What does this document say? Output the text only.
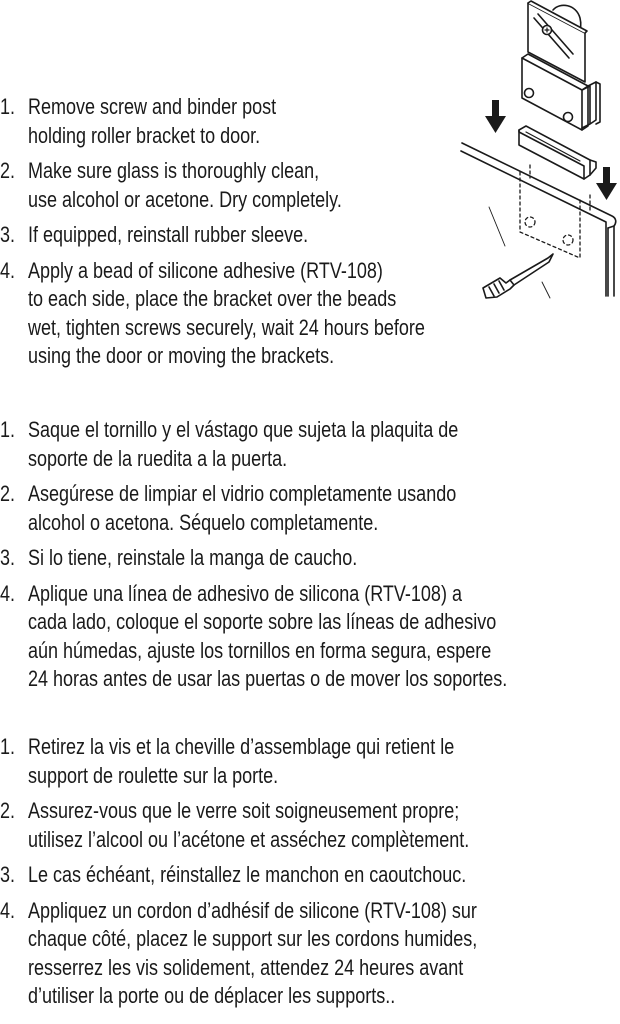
1. Remove screw and binder post
holding roller bracket to door.
2. Make sure glass is thoroughly clean,
use alcohol or acetone. Dry completely.
3. If equipped, reinstall rubber sleeve.
4. Apply a bead of silicone adhesive (RTV-108)
to each side, place the bracket over the beads
wet, tighten screws securely, wait 24 hours before
using the door or moving the brackets.
1. Saque el tornillo y el vástago que sujeta la plaquita de
soporte de la ruedita a la puerta.
2. Asegúrese de limpiar el vidrio completamente usando
alcohol o acetona. Séquelo completamente.
3. Si lo tiene, reinstale la manga de caucho.
4. Aplique una línea de adhesivo de silicona (RTV-108) a
cada lado, coloque el soporte sobre las líneas de adhesivo
aún húmedas, ajuste los tornillos en forma segura, espere
24 horas antes de usar las puertas o de mover los soportes.
1. Retirez la vis et la cheville d’assemblage qui retient le
support de roulette sur la porte.
2. Assurez-vous que le verre soit soigneusement propre;
utilisez l’alcool ou l’acétone et asséchez complètement.
3. Le cas échéant, réinstallez le manchon en caoutchouc.
4. Appliquez un cordon d’adhésif de silicone (RTV-108) sur
chaque côté, placez le support sur les cordons humides,
resserrez les vis solidement, attendez 24 heures avant
d’utiliser la porte ou de déplacer les supports..
